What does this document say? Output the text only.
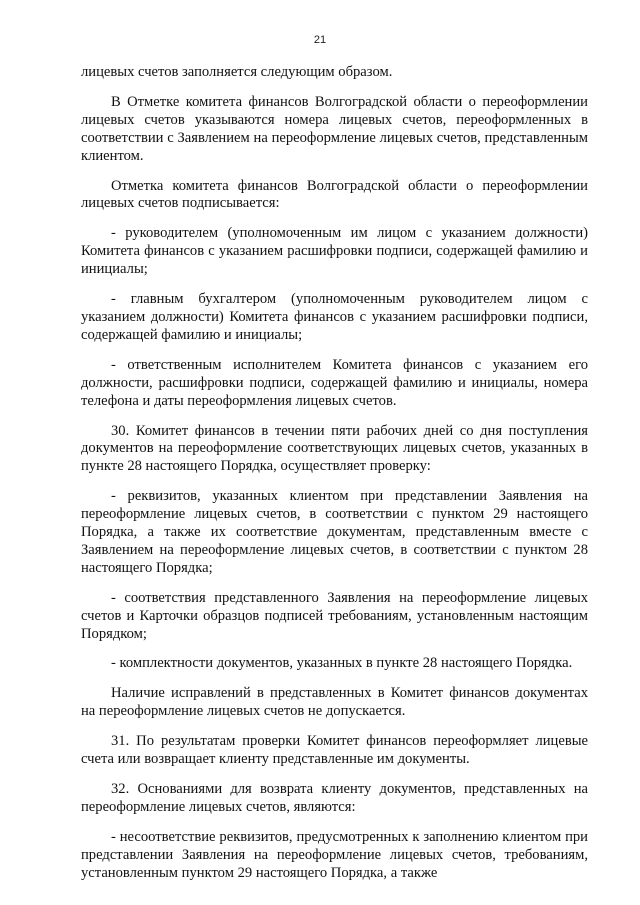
21

лицевых счетов заполняется следующим образом.

В Отметке комитета финансов Волгоградской области о переоформлении лицевых счетов указываются номера лицевых счетов, переоформленных в соответствии с Заявлением на переоформление лицевых счетов, представленным клиентом.

Отметка комитета финансов Волгоградской области о переоформлении лицевых счетов подписывается:

- руководителем (уполномоченным им лицом с указанием должности) Комитета финансов с указанием расшифровки подписи, содержащей фамилию и инициалы;

- главным бухгалтером (уполномоченным руководителем лицом с указанием должности) Комитета финансов с указанием расшифровки подписи, содержащей фамилию и инициалы;

- ответственным исполнителем Комитета финансов с указанием его должности, расшифровки подписи, содержащей фамилию и инициалы, номера телефона и даты переоформления лицевых счетов.

30. Комитет финансов в течении пяти рабочих дней со дня поступления документов на переоформление соответствующих лицевых счетов, указанных в пункте 28 настоящего Порядка, осуществляет проверку:

- реквизитов, указанных клиентом при представлении Заявления на переоформление лицевых счетов, в соответствии с пунктом 29 настоящего Порядка, а также их соответствие документам, представленным вместе с Заявлением на переоформление лицевых счетов, в соответствии с пунктом 28 настоящего Порядка;

- соответствия представленного Заявления на переоформление лицевых счетов и Карточки образцов подписей требованиям, установленным настоящим Порядком;

- комплектности документов, указанных в пункте 28 настоящего Порядка.

Наличие исправлений в представленных в Комитет финансов документах на переоформление лицевых счетов не допускается.

31. По результатам проверки Комитет финансов переоформляет лицевые счета или возвращает клиенту представленные им документы.

32. Основаниями для возврата клиенту документов, представленных на переоформление лицевых счетов, являются:

- несоответствие реквизитов, предусмотренных к заполнению клиентом при представлении Заявления на переоформление лицевых счетов, требованиям, установленным пунктом 29 настоящего Порядка, а также
